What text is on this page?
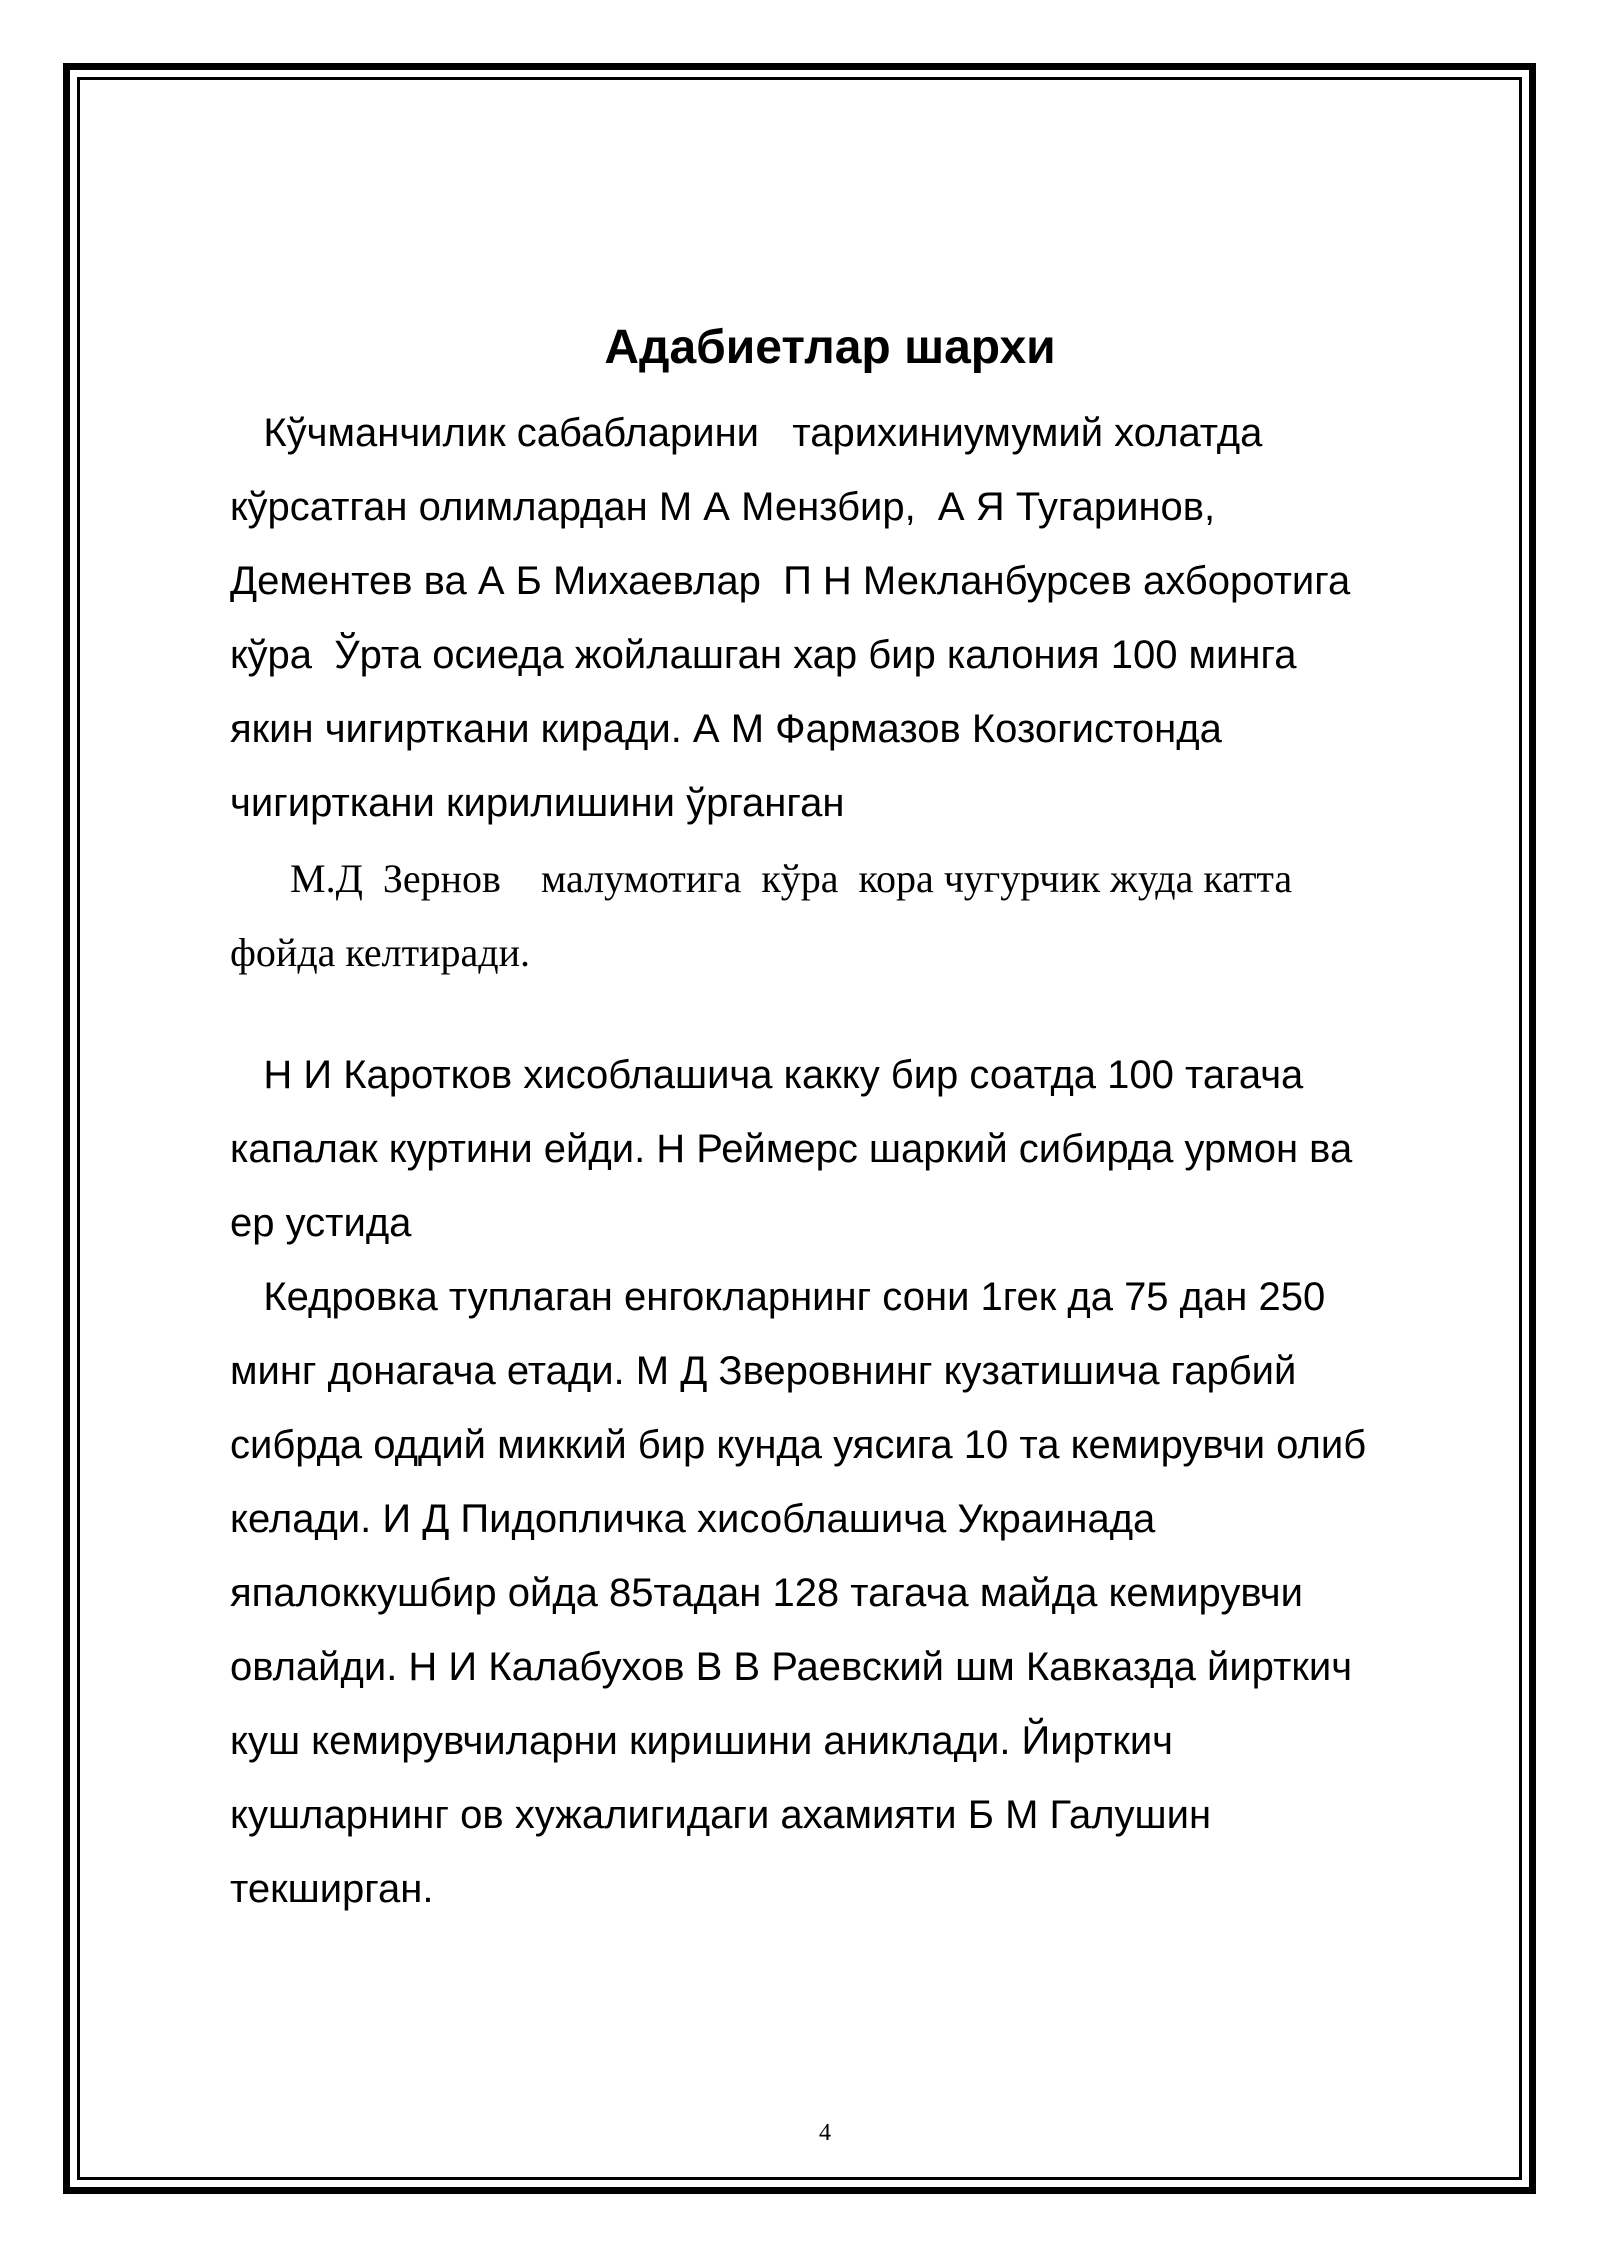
Адабиетлар шархи
Кўчманчилик сабабларини   тарихиниумумий холатда
кўрсатган олимлардан М А Мензбир,  А Я Тугаринов,
Дементев ва А Б Михаевлар  П Н Мекланбурсев ахборотига
кўра  Ўрта осиеда жойлашган хар бир калония 100 минга
якин чигирткани киради. А М Фармазов Козогистонда
чигирткани кирилишини ўрганган
М.Д  Зернов    малумотига  кўра  кора чугурчик жуда катта
фойда келтиради.
Н И Каротков хисоблашича какку бир соатда 100 тагача
капалак куртини ейди. Н Реймерс шаркий сибирда урмон ва
ер устида
Кедровка туплаган енгокларнинг сони 1гек да 75 дан 250
минг донагача етади. М Д Зверовнинг кузатишича гарбий
сибрда оддий миккий бир кунда уясига 10 та кемирувчи олиб
келади. И Д Пидопличка хисоблашича Украинада
япалоккушбир ойда 85тадан 128 тагача майда кемирувчи
овлайди. Н И Калабухов В В Раевский шм Кавказда йирткич
куш кемирувчиларни киришини аниклади. Йирткич
кушларнинг ов хужалигидаги ахамияти Б М Галушин
текширган.
4
